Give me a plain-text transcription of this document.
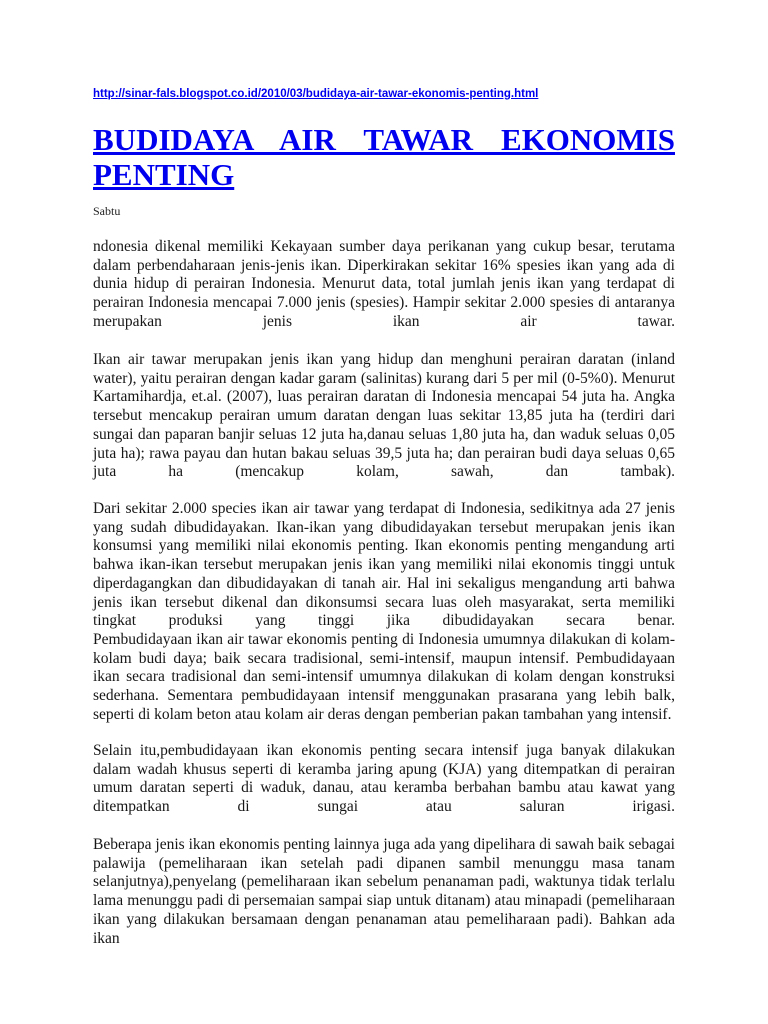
http://sinar-fals.blogspot.co.id/2010/03/budidaya-air-tawar-ekonomis-penting.html
BUDIDAYA AIR TAWAR EKONOMIS PENTING
Sabtu

ndonesia dikenal memiliki Kekayaan sumber daya perikanan yang cukup besar, terutama dalam perbendaharaan jenis-jenis ikan. Diperkirakan sekitar 16% spesies ikan yang ada di dunia hidup di perairan Indonesia. Menurut data, total jumlah jenis ikan yang terdapat di perairan Indonesia mencapai 7.000 jenis (spesies). Hampir sekitar 2.000 spesies di antaranya merupakan jenis ikan air tawar.

Ikan air tawar merupakan jenis ikan yang hidup dan menghuni perairan daratan (inland water), yaitu perairan dengan kadar garam (salinitas) kurang dari 5 per mil (0-5%0). Menurut Kartamihardja, et.al. (2007), luas perairan daratan di Indonesia mencapai 54 juta ha. Angka tersebut mencakup perairan umum daratan dengan luas sekitar 13,85 juta ha (terdiri dari sungai dan paparan banjir seluas 12 juta ha,danau seluas 1,80 juta ha, dan waduk seluas 0,05 juta ha); rawa payau dan hutan bakau seluas 39,5 juta ha; dan perairan budi daya seluas 0,65 juta ha (mencakup kolam, sawah, dan tambak).

Dari sekitar 2.000 species ikan air tawar yang terdapat di Indonesia, sedikitnya ada 27 jenis yang sudah dibudidayakan. Ikan-ikan yang dibudidayakan tersebut merupakan jenis ikan konsumsi yang memiliki nilai ekonomis penting. Ikan ekonomis penting mengandung arti bahwa ikan-ikan tersebut merupakan jenis ikan yang memiliki nilai ekonomis tinggi untuk diperdagangkan dan dibudidayakan di tanah air. Hal ini sekaligus mengandung arti bahwa jenis ikan tersebut dikenal dan dikonsumsi secara luas oleh masyarakat, serta memiliki tingkat produksi yang tinggi jika dibudidayakan secara benar.

Pembudidayaan ikan air tawar ekonomis penting di Indonesia umumnya dilakukan di kolam-kolam budi daya; baik secara tradisional, semi-intensif, maupun intensif. Pembudidayaan ikan secara tradisional dan semi-intensif umumnya dilakukan di kolam dengan konstruksi sederhana. Sementara pembudidayaan intensif menggunakan prasarana yang lebih balk, seperti di kolam beton atau kolam air deras dengan pemberian pakan tambahan yang intensif.

Selain itu,pembudidayaan ikan ekonomis penting secara intensif juga banyak dilakukan dalam wadah khusus seperti di keramba jaring apung (KJA) yang ditempatkan di perairan umum daratan seperti di waduk, danau, atau keramba berbahan bambu atau kawat yang ditempatkan di sungai atau saluran irigasi.

Beberapa jenis ikan ekonomis penting lainnya juga ada yang dipelihara di sawah baik sebagai palawija (pemeliharaan ikan setelah padi dipanen sambil menunggu masa tanam selanjutnya),penyelang (pemeliharaan ikan sebelum penanaman padi, waktunya tidak terlalu lama menunggu padi di persemaian sampai siap untuk ditanam) atau minapadi (pemeliharaan ikan yang dilakukan bersamaan dengan penanaman atau pemeliharaan padi). Bahkan ada ikan
